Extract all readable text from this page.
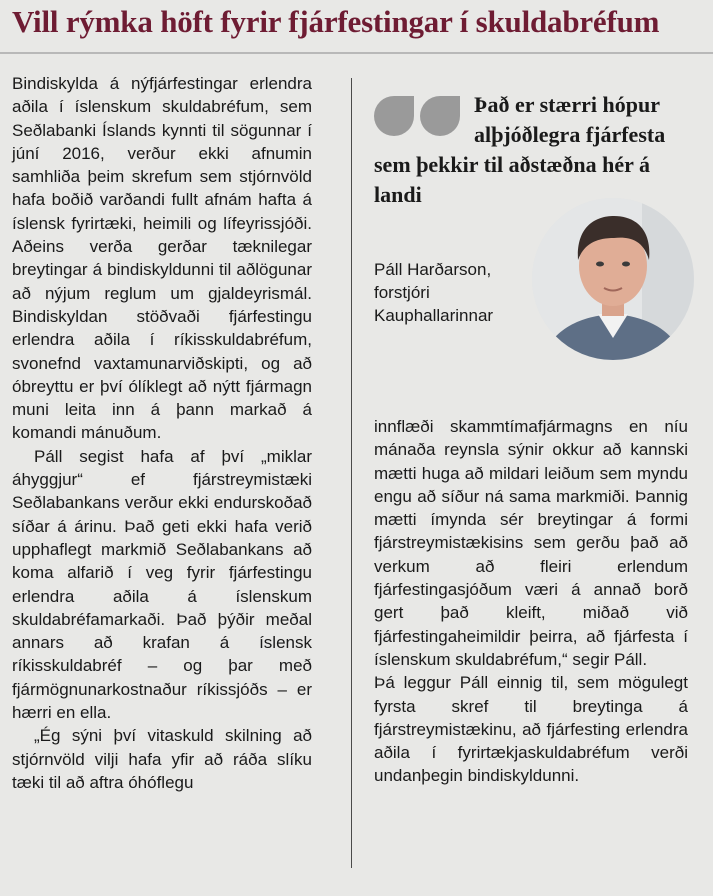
Vill rýmka höft fyrir fjárfestingar í skuldabréfum

Bindiskylda á nýfjárfestingar erlendra aðila í íslenskum skuldabréfum, sem Seðlabanki Íslands kynnti til sögunnar í júní 2016, verður ekki afnumin samhliða þeim skrefum sem stjórnvöld hafa boðið varðandi fullt afnám hafta á íslensk fyrirtæki, heimili og lífeyrissjóði. Aðeins verða gerðar tæknilegar breytingar á bindiskyldunni til aðlögunar að nýjum reglum um gjaldeyrismál. Bindiskyldan stöðvaði fjárfestingu erlendra aðila í ríkisskuldabréfum, svonefnd vaxtamunarviðskipti, og að óbreyttu er því ólíklegt að nýtt fjármagn muni leita inn á þann markað á komandi mánuðum.

Páll segist hafa af því „miklar áhyggjur“ ef fjárstreymistæki Seðlabankans verður ekki endurskoðað síðar á árinu. Það geti ekki hafa verið upphaflegt markmið Seðlabankans að koma alfarið í veg fyrir fjárfestingu erlendra aðila á íslenskum skuldabréfamarkaði. Það þýðir meðal annars að krafan á íslensk ríkisskuldabréf – og þar með fjármögnunarkostnaður ríkissjóðs – er hærri en ella.

„Ég sýni því vitaskuld skilning að stjórnvöld vilji hafa yfir að ráða slíku tæki til að aftra óhóflegu

Það er stærri hópur alþjóðlegra fjárfesta sem þekkir til aðstæðna hér á landi
Páll Harðarson,
forstjóri Kauphallarinnar

innflæði skammtímafjármagns en níu mánaða reynsla sýnir okkur að kannski mætti huga að mildari leiðum sem myndu engu að síður ná sama markmiði. Þannig mætti ímynda sér breytingar á formi fjárstreymistækisins sem gerðu það að verkum að fleiri erlendum fjárfestingasjóðum væri á annað borð gert það kleift, miðað við fjárfestingaheimildir þeirra, að fjárfesta í íslenskum skuldabréfum,“ segir Páll.

Þá leggur Páll einnig til, sem mögulegt fyrsta skref til breytinga á fjárstreymistækinu, að fjárfesting erlendra aðila í fyrirtækjaskuldabréfum verði undanþegin bindiskyldunni.
